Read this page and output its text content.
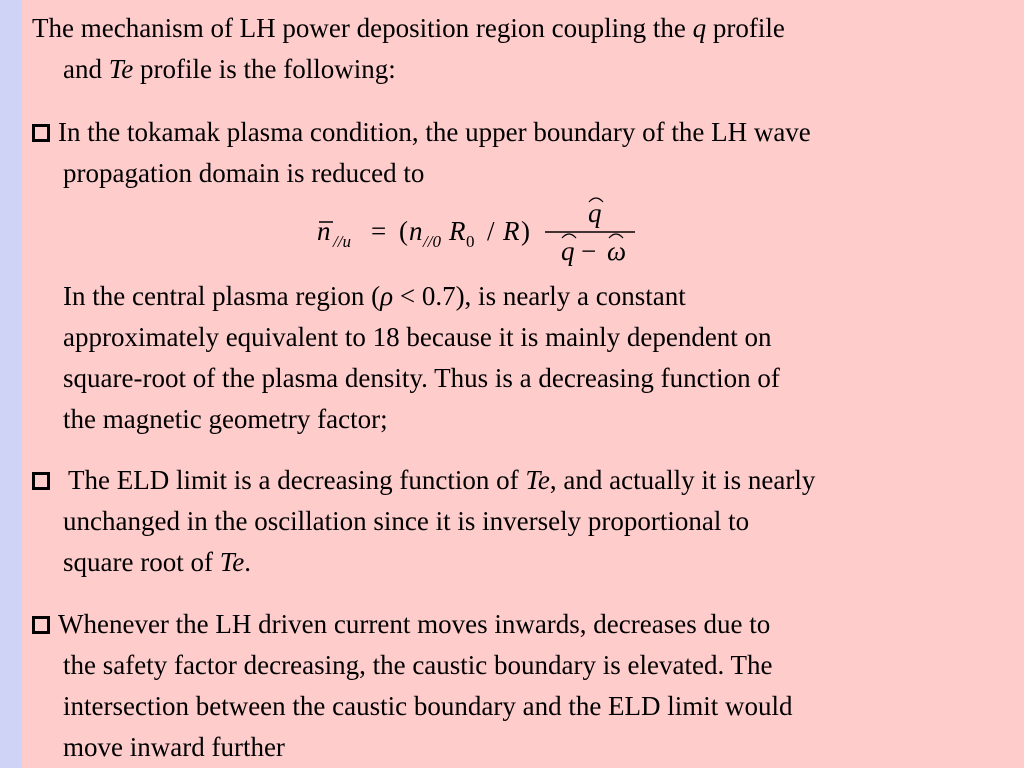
The mechanism of LH power deposition region coupling the q profile
and Te profile is the following:
In the tokamak plasma condition, the upper boundary of the LH wave
propagation domain is reduced to
n //u = ( n //0 R 0 / R )
q
q − ω
In the central plasma region (ρ < 0.7), is nearly a constant
approximately equivalent to 18 because it is mainly dependent on
square-root of the plasma density. Thus is a decreasing function of
the magnetic geometry factor;
The ELD limit is a decreasing function of Te, and actually it is nearly
unchanged in the oscillation since it is inversely proportional to
square root of Te.
Whenever the LH driven current moves inwards, decreases due to
the safety factor decreasing, the caustic boundary is elevated. The
intersection between the caustic boundary and the ELD limit would
move inward further
